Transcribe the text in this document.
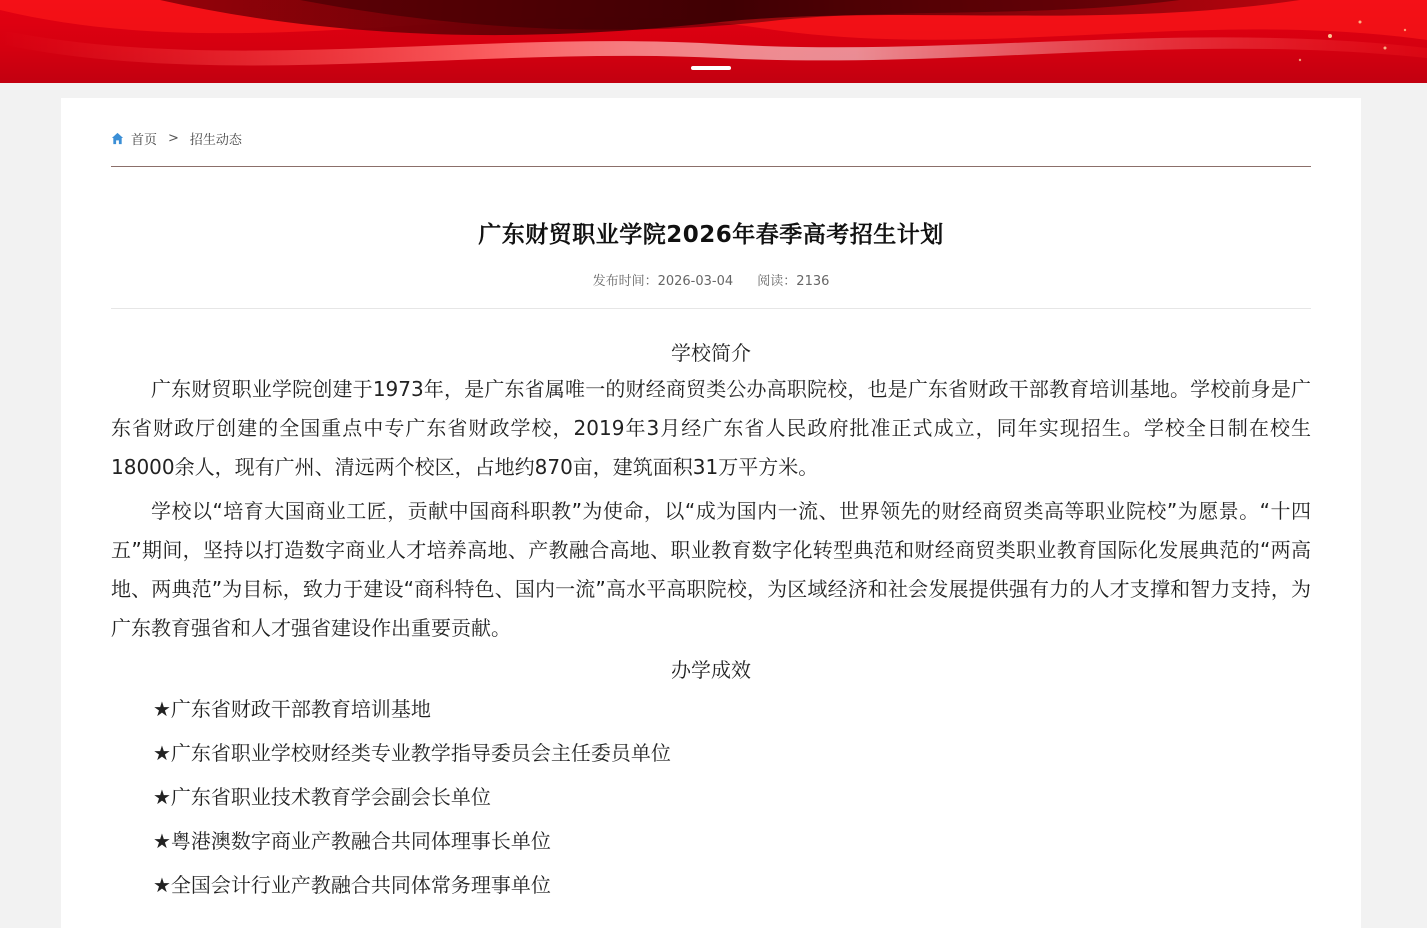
首页 > 招生动态
广东财贸职业学院2026年春季高考招生计划
发布时间：2026-03-04 阅读：2136
学校简介

广东财贸职业学院创建于1973年，是广东省属唯一的财经商贸类公办高职院校，也是广东省财政干部教育培训基地。学校前身是广东省财政厅创建的全国重点中专广东省财政学校，2019年3月经广东省人民政府批准正式成立，同年实现招生。学校全日制在校生18000余人，现有广州、清远两个校区，占地约870亩，建筑面积31万平方米。

学校以“培育大国商业工匠，贡献中国商科职教”为使命，以“成为国内一流、世界领先的财经商贸类高等职业院校”为愿景。“十四五”期间，坚持以打造数字商业人才培养高地、产教融合高地、职业教育数字化转型典范和财经商贸类职业教育国际化发展典范的“两高地、两典范”为目标，致力于建设“商科特色、国内一流”高水平高职院校，为区域经济和社会发展提供强有力的人才支撑和智力支持，为广东教育强省和人才强省建设作出重要贡献。

办学成效
★广东省财政干部教育培训基地
★广东省职业学校财经类专业教学指导委员会主任委员单位
★广东省职业技术教育学会副会长单位
★粤港澳数字商业产教融合共同体理事长单位
★全国会计行业产教融合共同体常务理事单位
